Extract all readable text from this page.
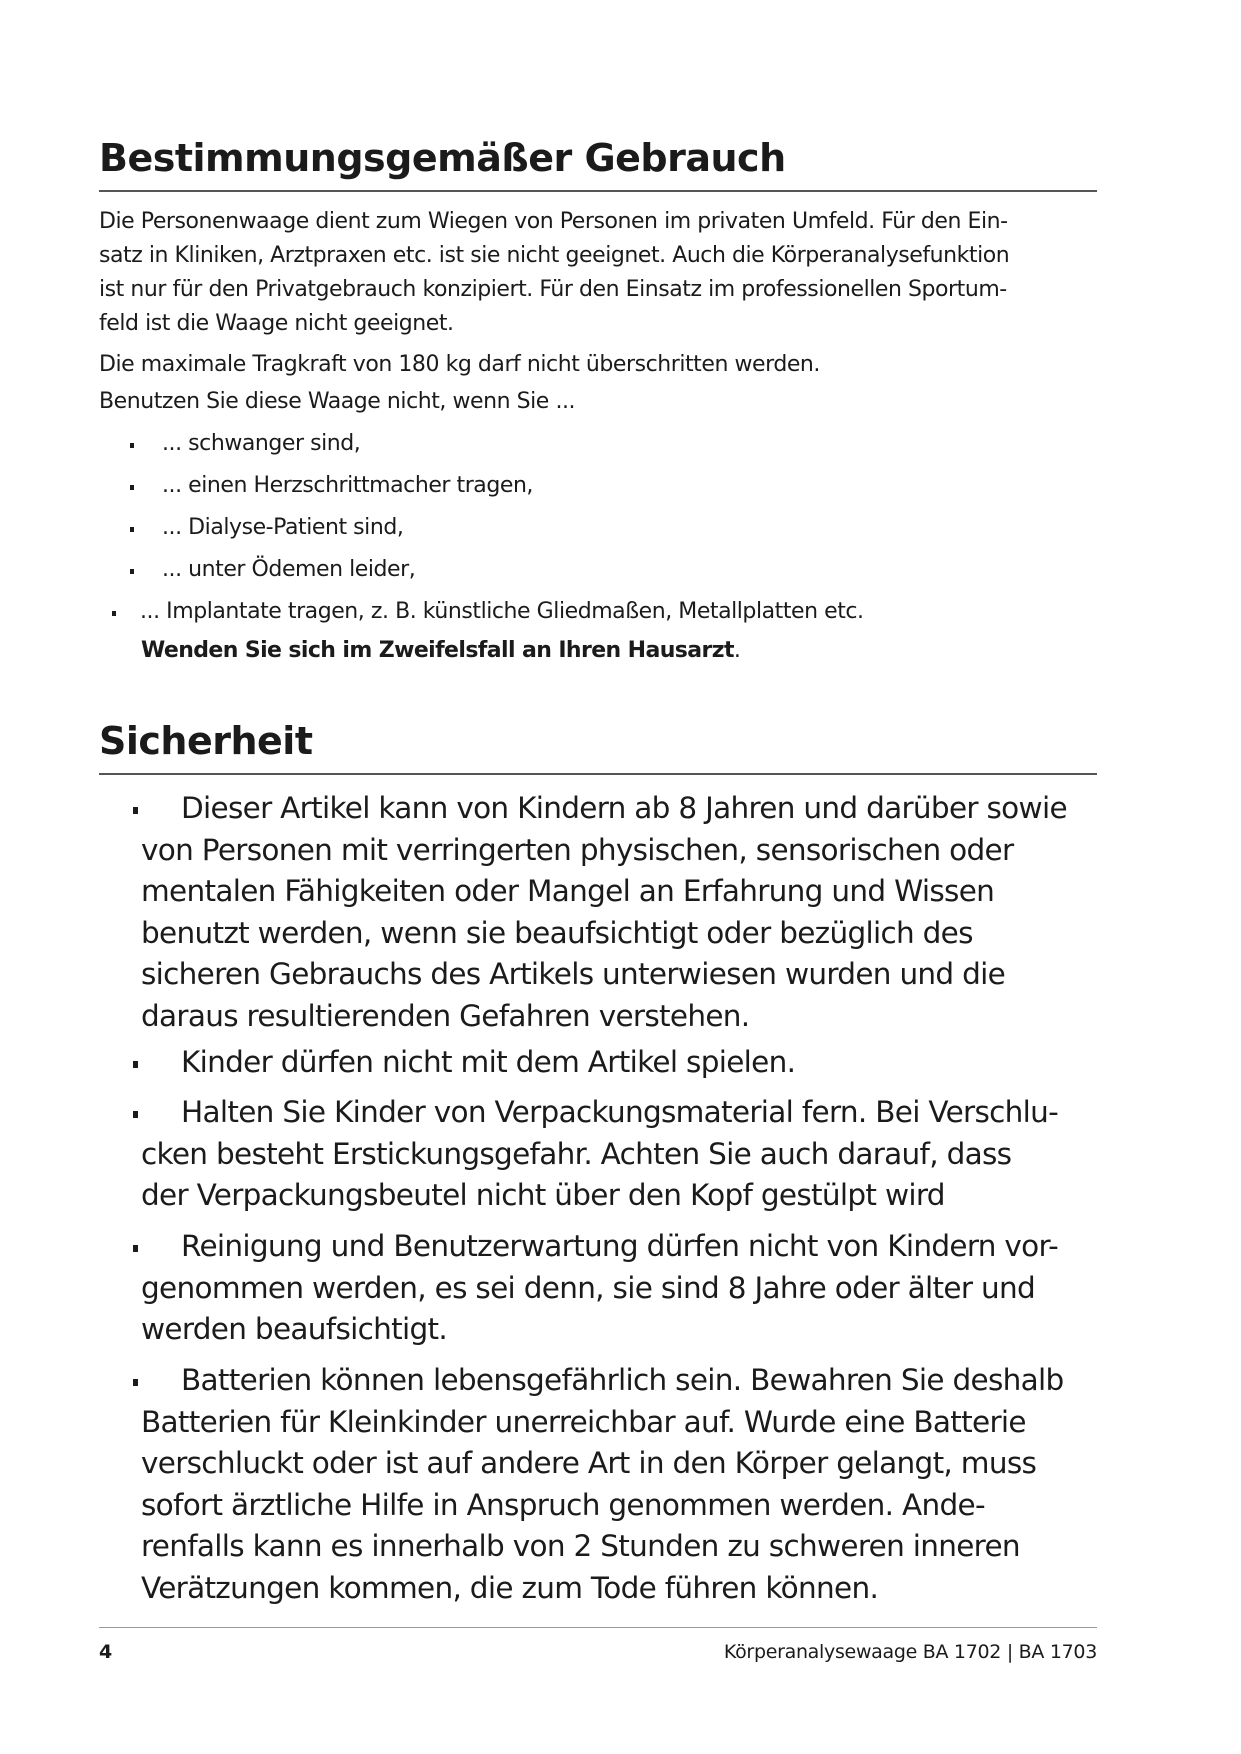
Bestimmungsgemäßer Gebrauch

Die Personenwaage dient zum Wiegen von Personen im privaten Umfeld. Für den Ein-

satz in Kliniken, Arztpraxen etc. ist sie nicht geeignet. Auch die Körperanalysefunktion

ist nur für den Privatgebrauch konzipiert. Für den Einsatz im professionellen Sportum-

feld ist die Waage nicht geeignet.

Die maximale Tragkraft von 180 kg darf nicht überschritten werden.

Benutzen Sie diese Waage nicht, wenn Sie ...

... schwanger sind,

... einen Herzschrittmacher tragen,

... Dialyse-Patient sind,

... unter Ödemen leider,

... Implantate tragen, z. B. künstliche Gliedmaßen, Metallplatten etc.

Wenden Sie sich im Zweifelsfall an Ihren Hausarzt.

Sicherheit

Dieser Artikel kann von Kindern ab 8 Jahren und darüber sowie

von Personen mit verringerten physischen, sensorischen oder

mentalen Fähigkeiten oder Mangel an Erfahrung und Wissen

benutzt werden, wenn sie beaufsichtigt oder bezüglich des

sicheren Gebrauchs des Artikels unterwiesen wurden und die

daraus resultierenden Gefahren verstehen.

Kinder dürfen nicht mit dem Artikel spielen.

Halten Sie Kinder von Verpackungsmaterial fern. Bei Verschlu-

cken besteht Erstickungsgefahr. Achten Sie auch darauf, dass

der Verpackungsbeutel nicht über den Kopf gestülpt wird

Reinigung und Benutzerwartung dürfen nicht von Kindern vor-

genommen werden, es sei denn, sie sind 8 Jahre oder älter und

werden beaufsichtigt.

Batterien können lebensgefährlich sein. Bewahren Sie deshalb

Batterien für Kleinkinder unerreichbar auf. Wurde eine Batterie

verschluckt oder ist auf andere Art in den Körper gelangt, muss

sofort ärztliche Hilfe in Anspruch genommen werden. Ande-

renfalls kann es innerhalb von 2 Stunden zu schweren inneren

Verätzungen kommen, die zum Tode führen können.

4	Körperanalysewaage BA 1702 | BA 1703
